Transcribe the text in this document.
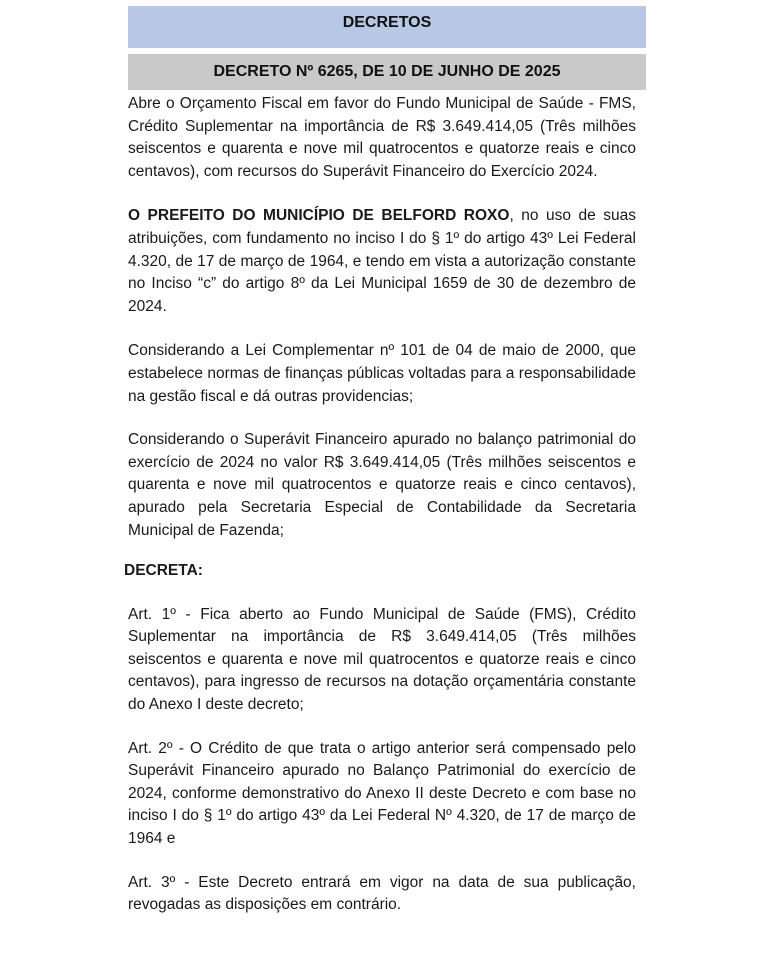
DECRETOS
DECRETO Nº 6265, DE 10 DE JUNHO DE 2025

Abre o Orçamento Fiscal em favor do Fundo Municipal de Saúde - FMS, Crédito Suplementar na importância de R$ 3.649.414,05 (Três milhões seiscentos e quarenta e nove mil quatrocentos e quatorze reais e cinco centavos), com recursos do Superávit Financeiro do Exercício 2024.

O PREFEITO DO MUNICÍPIO DE BELFORD ROXO, no uso de suas atribuições, com fundamento no inciso I do § 1º do artigo 43º Lei Federal 4.320, de 17 de março de 1964, e tendo em vista a autorização constante no Inciso “c” do artigo 8º da Lei Municipal 1659 de 30 de dezembro de 2024.

Considerando a Lei Complementar nº 101 de 04 de maio de 2000, que estabelece normas de finanças públicas voltadas para a responsabilidade na gestão fiscal e dá outras providencias;

Considerando o Superávit Financeiro apurado no balanço patrimonial do exercício de 2024 no valor R$ 3.649.414,05 (Três milhões seiscentos e quarenta e nove mil quatrocentos e quatorze reais e cinco centavos), apurado pela Secretaria Especial de Contabilidade da Secretaria Municipal de Fazenda;

DECRETA:

Art. 1º - Fica aberto ao Fundo Municipal de Saúde (FMS), Crédito Suplementar na importância de R$ 3.649.414,05 (Três milhões seiscentos e quarenta e nove mil quatrocentos e quatorze reais e cinco centavos), para ingresso de recursos na dotação orçamentária constante do Anexo I deste decreto;

Art. 2º - O Crédito de que trata o artigo anterior será compensado pelo Superávit Financeiro apurado no Balanço Patrimonial do exercício de 2024, conforme demonstrativo do Anexo II deste Decreto e com base no inciso I do § 1º do artigo 43º da Lei Federal Nº 4.320, de 17 de março de 1964 e

Art. 3º - Este Decreto entrará em vigor na data de sua publicação, revogadas as disposições em contrário.
